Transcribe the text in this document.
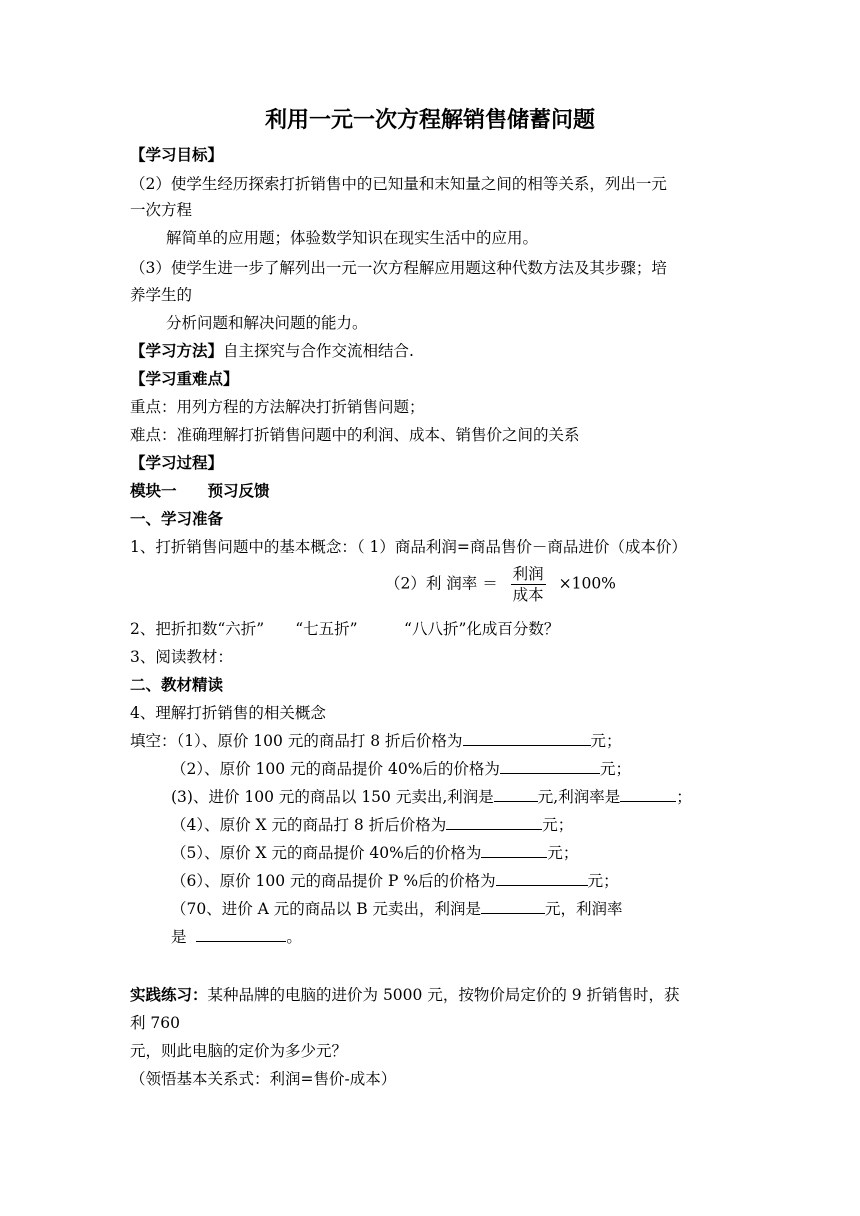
利用一元一次方程解销售储蓄问题
【学习目标】
（2）使学生经历探索打折销售中的已知量和末知量之间的相等关系，列出一元
一次方程
解简单的应用题；体验数学知识在现实生活中的应用。
（3）使学生进一步了解列出一元一次方程解应用题这种代数方法及其步骤；培
养学生的
分析问题和解决问题的能力。
【学习方法】自主探究与合作交流相结合.
【学习重难点】
重点：用列方程的方法解决打折销售问题；
难点：准确理解打折销售问题中的利润、成本、销售价之间的关系
【学习过程】
模块一　　预习反馈
一、学习准备
1、打折销售问题中的基本概念：（ 1）商品利润=商品售价－商品进价（成本价）
（2）利 润率 ＝ $\frac{\text{利润}}{\text{成本}} \times 100\%$
2、把折扣数“六折”　　“七五折”　　　“八八折”化成百分数？
3、阅读教材：
二、教材精读
4、理解打折销售的相关概念
填空：（1）、原价 100 元的商品打 8 折后价格为	元；
（2）、原价 100 元的商品提价 40%后的价格为	元；
(3)、进价 100 元的商品以 150 元卖出,利润是	元,利润率是	；
（4）、原价 X 元的商品打 8 折后价格为	元；
（5）、原价 X 元的商品提价 40%后的价格为	元；
（6）、原价 100 元的商品提价 P %后的价格为	元；
（70、进价 A 元的商品以 B 元卖出，利润是	元，利润率
是	。
实践练习：某种品牌的电脑的进价为 5000 元，按物价局定价的 9 折销售时，获
利 760
元，则此电脑的定价为多少元？
（领悟基本关系式：利润=售价-成本）
